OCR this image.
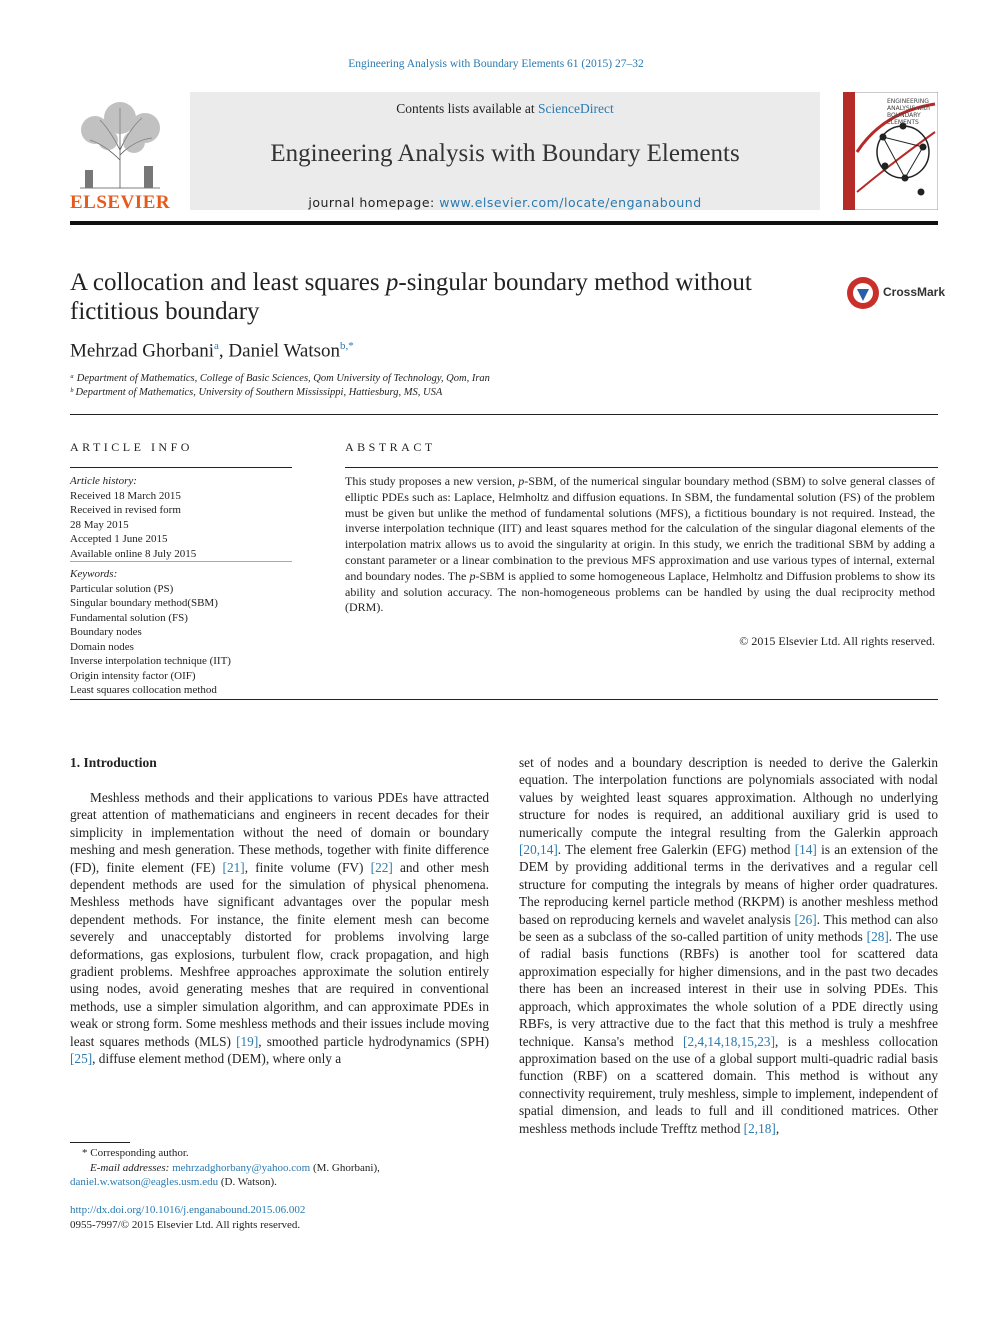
Engineering Analysis with Boundary Elements 61 (2015) 27–32
ELSEVIER
Contents lists available at ScienceDirect
Engineering Analysis with Boundary Elements
journal homepage: www.elsevier.com/locate/enganabound
ENGINEERING
ANALYSIS with
BOUNDARY
ELEMENTS
A collocation and least squares p-singular boundary method without
fictitious boundary
CrossMark
Mehrzad Ghorbani$^a$, Daniel Watson$^{b,*}$
ᵃ Department of Mathematics, College of Basic Sciences, Qom University of Technology, Qom, Iran
ᵇ Department of Mathematics, University of Southern Mississippi, Hattiesburg, MS, USA
ARTICLE INFO
Article history:
Received 18 March 2015
Received in revised form
28 May 2015
Accepted 1 June 2015
Available online 8 July 2015
Keywords:
Particular solution (PS)
Singular boundary method(SBM)
Fundamental solution (FS)
Boundary nodes
Domain nodes
Inverse interpolation technique (IIT)
Origin intensity factor (OIF)
Least squares collocation method
ABSTRACT
This study proposes a new version, p-SBM, of the numerical singular boundary method (SBM) to solve general classes of elliptic PDEs such as: Laplace, Helmholtz and diffusion equations. In SBM, the fundamental solution (FS) of the problem must be given but unlike the method of fundamental solutions (MFS), a fictitious boundary is not required. Instead, the inverse interpolation technique (IIT) and least squares method for the calculation of the singular diagonal elements of the interpolation matrix allows us to avoid the singularity at origin. In this study, we enrich the traditional SBM by adding a constant parameter or a linear combination to the previous MFS approximation and use various types of internal, external and boundary nodes. The p-SBM is applied to some homogeneous Laplace, Helmholtz and Diffusion problems to show its ability and solution accuracy. The non-homogeneous problems can be handled by using the dual reciprocity method (DRM).
© 2015 Elsevier Ltd. All rights reserved.
1. Introduction
Meshless methods and their applications to various PDEs have attracted great attention of mathematicians and engineers in recent decades for their simplicity in implementation without the need of domain or boundary meshing and mesh generation. These methods, together with finite difference (FD), finite element (FE) [21], finite volume (FV) [22] and other mesh dependent methods are used for the simulation of physical phenomena. Meshless methods have significant advantages over the popular mesh dependent methods. For instance, the finite element mesh can become severely and unacceptably distorted for problems involving large deformations, gas explosions, turbulent flow, crack propagation, and high gradient problems. Meshfree approaches approximate the solution entirely using nodes, avoid generating meshes that are required in conventional methods, use a simpler simulation algorithm, and can approximate PDEs in weak or strong form. Some meshless methods and their issues include moving least squares methods (MLS) [19], smoothed particle hydrodynamics (SPH) [25], diffuse element method (DEM), where only a
set of nodes and a boundary description is needed to derive the Galerkin equation. The interpolation functions are polynomials associated with nodal values by weighted least squares approximation. Although no underlying structure for nodes is required, an additional auxiliary grid is used to numerically compute the integral resulting from the Galerkin approach [20,14]. The element free Galerkin (EFG) method [14] is an extension of the DEM by providing additional terms in the derivatives and a regular cell structure for computing the integrals by means of higher order quadratures. The reproducing kernel particle method (RKPM) is another meshless method based on reproducing kernels and wavelet analysis [26]. This method can also be seen as a subclass of the so-called partition of unity methods [28]. The use of radial basis functions (RBFs) is another tool for scattered data approximation especially for higher dimensions, and in the past two decades there has been an increased interest in their use in solving PDEs. This approach, which approximates the whole solution of a PDE directly using RBFs, is very attractive due to the fact that this method is truly a meshfree technique. Kansa's method [2,4,14,18,15,23], is a meshless collocation approximation based on the use of a global support multi-quadric radial basis function (RBF) on a scattered domain. This method is without any connectivity requirement, truly meshless, simple to implement, independent of spatial dimension, and leads to full and ill conditioned matrices. Other meshless methods include Trefftz method [2,18],
* Corresponding author.
E-mail addresses: mehrzadghorbany@yahoo.com (M. Ghorbani),
daniel.w.watson@eagles.usm.edu (D. Watson).
http://dx.doi.org/10.1016/j.enganabound.2015.06.002
0955-7997/© 2015 Elsevier Ltd. All rights reserved.
